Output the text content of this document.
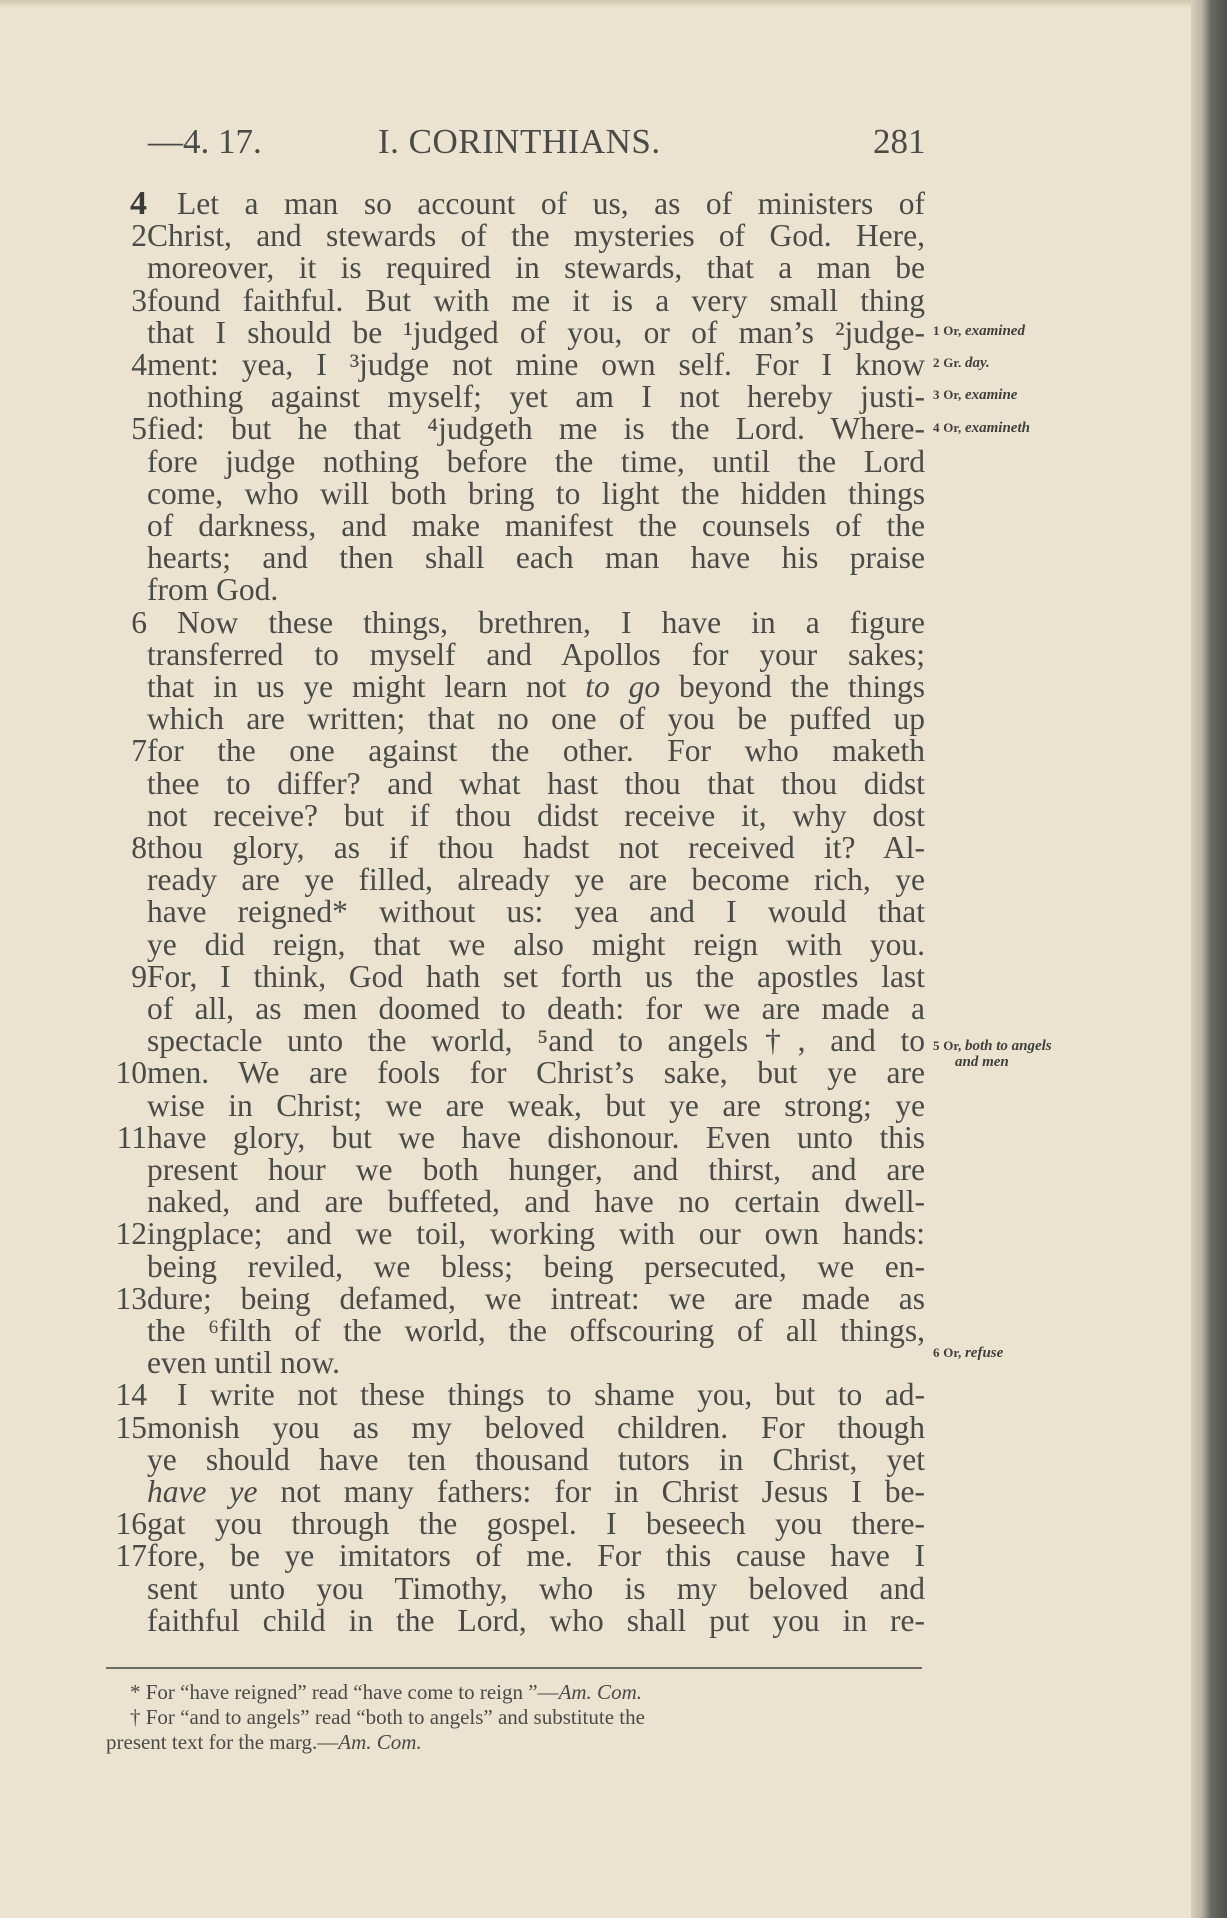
—4. 17.	I. CORINTHIANS.	281
4 Let a man so account of us, as of ministers of
2 Christ, and stewards of the mysteries of God. Here,
moreover, it is required in stewards, that a man be
3 found faithful. But with me it is a very small thing
that I should be ¹judged of you, or of man’s ²judge-
4 ment: yea, I ³judge not mine own self. For I know
nothing against myself; yet am I not hereby justi-
5 fied: but he that ⁴judgeth me is the Lord. Where-
fore judge nothing before the time, until the Lord
come, who will both bring to light the hidden things
of darkness, and make manifest the counsels of the
hearts; and then shall each man have his praise
from God.
6 Now these things, brethren, I have in a figure
transferred to myself and Apollos for your sakes;
that in us ye might learn not to go beyond the things
which are written; that no one of you be puffed up
7 for the one against the other. For who maketh
thee to differ? and what hast thou that thou didst
not receive? but if thou didst receive it, why dost
8 thou glory, as if thou hadst not received it? Al-
ready are ye filled, already ye are become rich, ye
have reigned* without us: yea and I would that
ye did reign, that we also might reign with you.
9 For, I think, God hath set forth us the apostles last
of all, as men doomed to death: for we are made a
spectacle unto the world, ⁵and to angels†, and to
10 men. We are fools for Christ’s sake, but ye are
wise in Christ; we are weak, but ye are strong; ye
11 have glory, but we have dishonour. Even unto this
present hour we both hunger, and thirst, and are
naked, and are buffeted, and have no certain dwell-
12 ingplace; and we toil, working with our own hands:
being reviled, we bless; being persecuted, we en-
13 dure; being defamed, we intreat: we are made as
the ⁶filth of the world, the offscouring of all things,
even until now.
14 I write not these things to shame you, but to ad-
15 monish you as my beloved children. For though
ye should have ten thousand tutors in Christ, yet
have ye not many fathers: for in Christ Jesus I be-
16 gat you through the gospel. I beseech you there-
17 fore, be ye imitators of me. For this cause have I
sent unto you Timothy, who is my beloved and
faithful child in the Lord, who shall put you in re-
1 Or, examined
2 Gr. day.
3 Or, examine
4 Or, examineth
5 Or, both to angels
and men
6 Or, refuse
* For “have reigned” read “have come to reign ”—Am. Com.
† For “and to angels” read “both to angels” and substitute the
present text for the marg.—Am. Com.
